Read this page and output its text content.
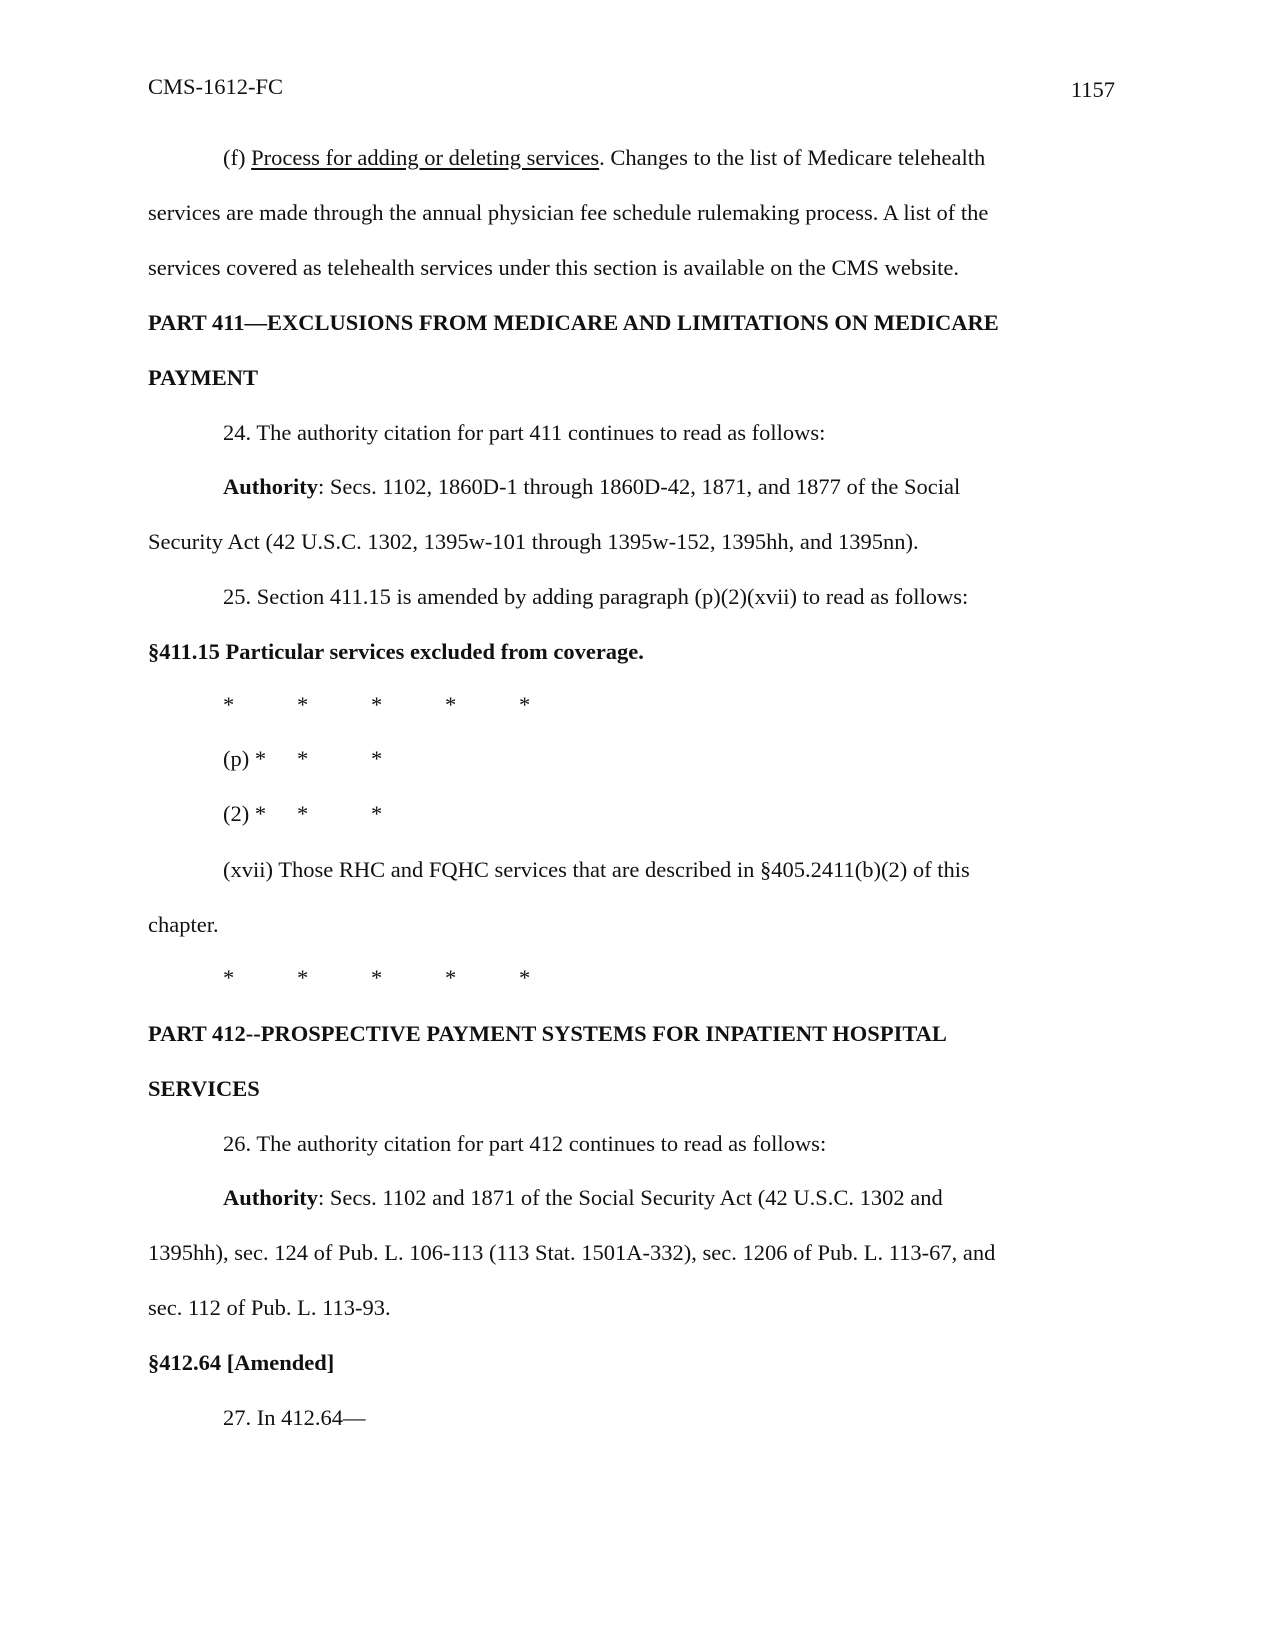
CMS-1612-FC	1157
(f) Process for adding or deleting services. Changes to the list of Medicare telehealth
services are made through the annual physician fee schedule rulemaking process. A list of the
services covered as telehealth services under this section is available on the CMS website.
PART 411—EXCLUSIONS FROM MEDICARE AND LIMITATIONS ON MEDICARE
PAYMENT
24. The authority citation for part 411 continues to read as follows:
Authority: Secs. 1102, 1860D-1 through 1860D-42, 1871, and 1877 of the Social
Security Act (42 U.S.C. 1302, 1395w-101 through 1395w-152, 1395hh, and 1395nn).
25. Section 411.15 is amended by adding paragraph (p)(2)(xvii) to read as follows:
§411.15 Particular services excluded from coverage.
*	*	*	*	*
(p) * *	*
(2) * *	*
(xvii) Those RHC and FQHC services that are described in §405.2411(b)(2) of this
chapter.
*	*	*	*	*
PART 412--PROSPECTIVE PAYMENT SYSTEMS FOR INPATIENT HOSPITAL
SERVICES
26. The authority citation for part 412 continues to read as follows:
Authority: Secs. 1102 and 1871 of the Social Security Act (42 U.S.C. 1302 and
1395hh), sec. 124 of Pub. L. 106-113 (113 Stat. 1501A-332), sec. 1206 of Pub. L. 113-67, and
sec. 112 of Pub. L. 113-93.
§412.64 [Amended]
27. In 412.64—
